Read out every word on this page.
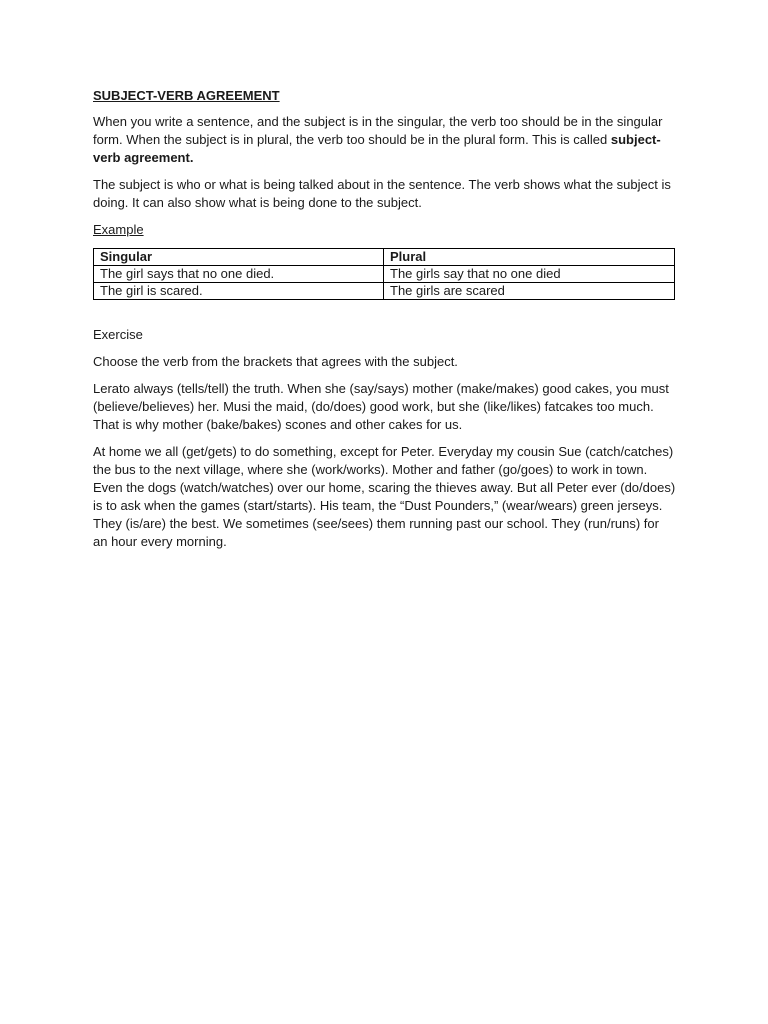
SUBJECT-VERB AGREEMENT

When you write a sentence, and the subject is in the singular, the verb too should be in the singular form. When the subject is in plural, the verb too should be in the plural form. This is called subject-verb agreement.

The subject is who or what is being talked about in the sentence. The verb shows what the subject is doing. It can also show what is being done to the subject.

Example

Singular	Plural
The girl says that no one died.	The girls say that no one died
The girl is scared.	The girls are scared

Exercise

Choose the verb from the brackets that agrees with the subject.

Lerato always (tells/tell) the truth. When she (say/says) mother (make/makes) good cakes, you must (believe/believes) her. Musi the maid, (do/does) good work, but she (like/likes) fatcakes too much. That is why mother (bake/bakes) scones and other cakes for us.

At home we all (get/gets) to do something, except for Peter. Everyday my cousin Sue (catch/catches) the bus to the next village, where she (work/works). Mother and father (go/goes) to work in town. Even the dogs (watch/watches) over our home, scaring the thieves away. But all Peter ever (do/does) is to ask when the games (start/starts). His team, the “Dust Pounders,” (wear/wears) green jerseys. They (is/are) the best. We sometimes (see/sees) them running past our school. They (run/runs) for an hour every morning.
